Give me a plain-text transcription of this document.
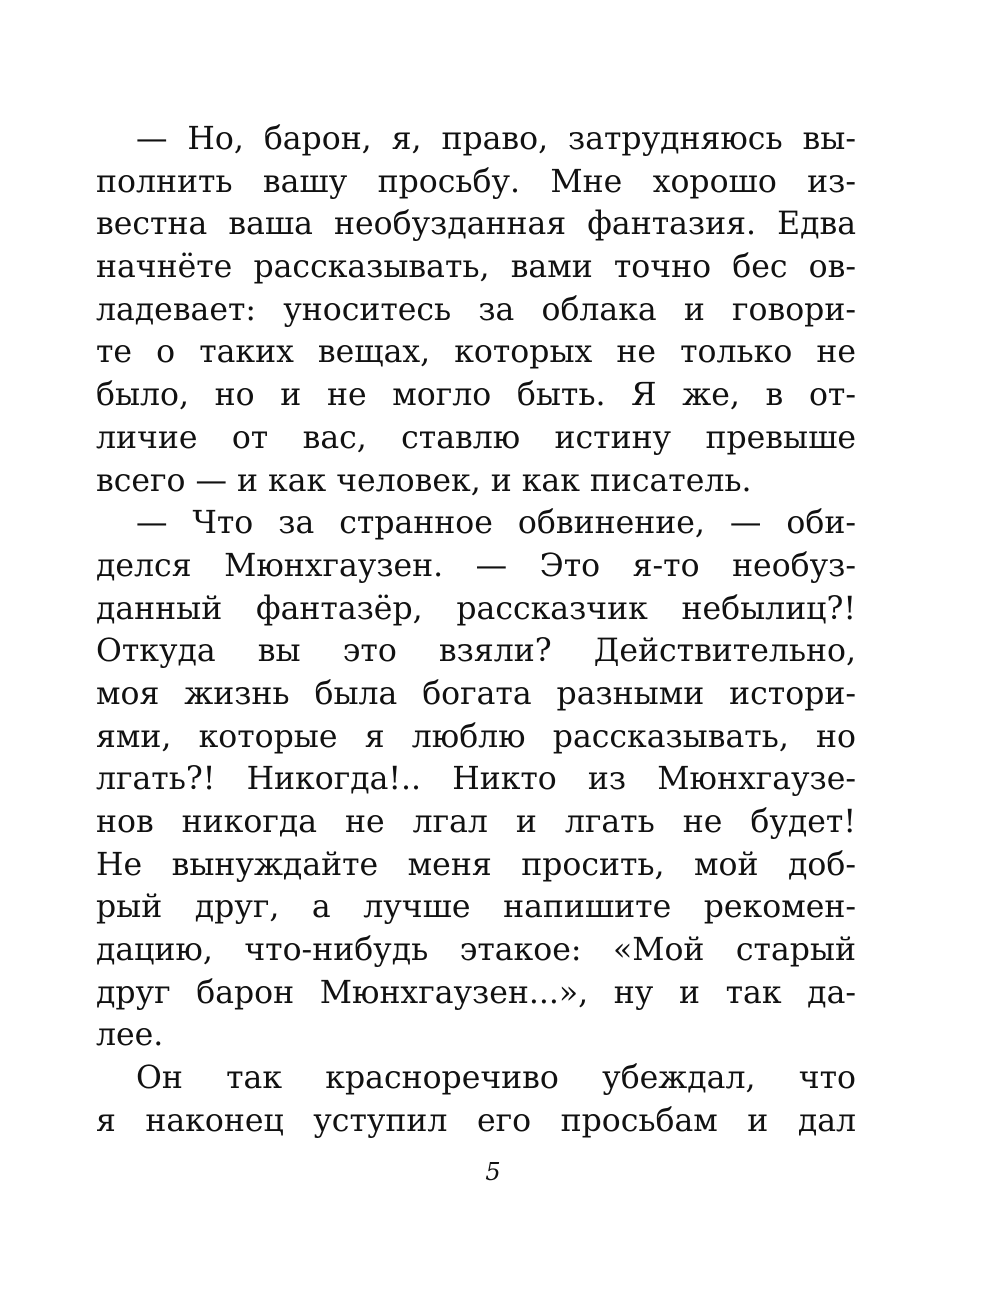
— Но, барон, я, право, затрудняюсь вы-
полнить вашу просьбу. Мне хорошо из-
вестна ваша необузданная фантазия. Едва
начнёте рассказывать, вами точно бес ов-
ладевает: уноситесь за облака и говори-
те о таких вещах, которых не только не
было, но и не могло быть. Я же, в от-
личие от вас, ставлю истину превыше
всего — и как человек, и как писатель.
— Что за странное обвинение, — оби-
делся Мюнхгаузен. — Это я-то необуз-
данный фантазёр, рассказчик небылиц?!
Откуда вы это взяли? Действительно,
моя жизнь была богата разными истори-
ями, которые я люблю рассказывать, но
лгать?! Никогда!.. Никто из Мюнхгаузе-
нов никогда не лгал и лгать не будет!
Не вынуждайте меня просить, мой доб-
рый друг, а лучше напишите рекомен-
дацию, что-нибудь этакое: «Мой старый
друг барон Мюнхгаузен...», ну и так да-
лее.
Он так красноречиво убеждал, что
я наконец уступил его просьбам и дал
5
